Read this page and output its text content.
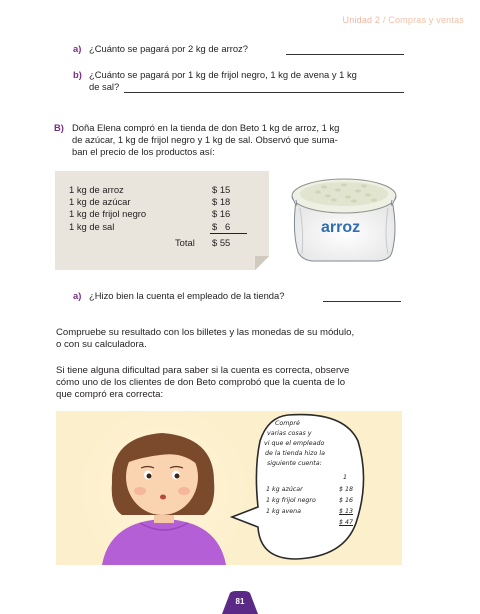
Unidad 2 / Compras y ventas
a) ¿Cuánto se pagará por 2 kg de arroz?
b) ¿Cuánto se pagará por 1 kg de frijol negro, 1 kg de avena y 1 kg
de sal?
B) Doña Elena compró en la tienda de don Beto 1 kg de arroz, 1 kg
de azúcar, 1 kg de frijol negro y 1 kg de sal. Observó que suma-
ban el precio de los productos así:
1 kg de arroz	$ 15
1 kg de azúcar	$ 18
1 kg de frijol negro	$ 16
1 kg de sal	$   6
Total $ 55
arroz
a) ¿Hizo bien la cuenta el empleado de la tienda?
Compruebe su resultado con los billetes y las monedas de su módulo,
o con su calculadora.
Si tiene alguna dificultad para saber si la cuenta es correcta, observe
cómo uno de los clientes de don Beto comprobó que la cuenta de lo
que compró era correcta:
Compré
varias cosas y
vi que el empleado
de la tienda hizo la
siguiente cuenta:
1
1 kg azúcar	$ 18
1 kg frijol negro	$ 16
1 kg avena	$ 13
$ 47
81
